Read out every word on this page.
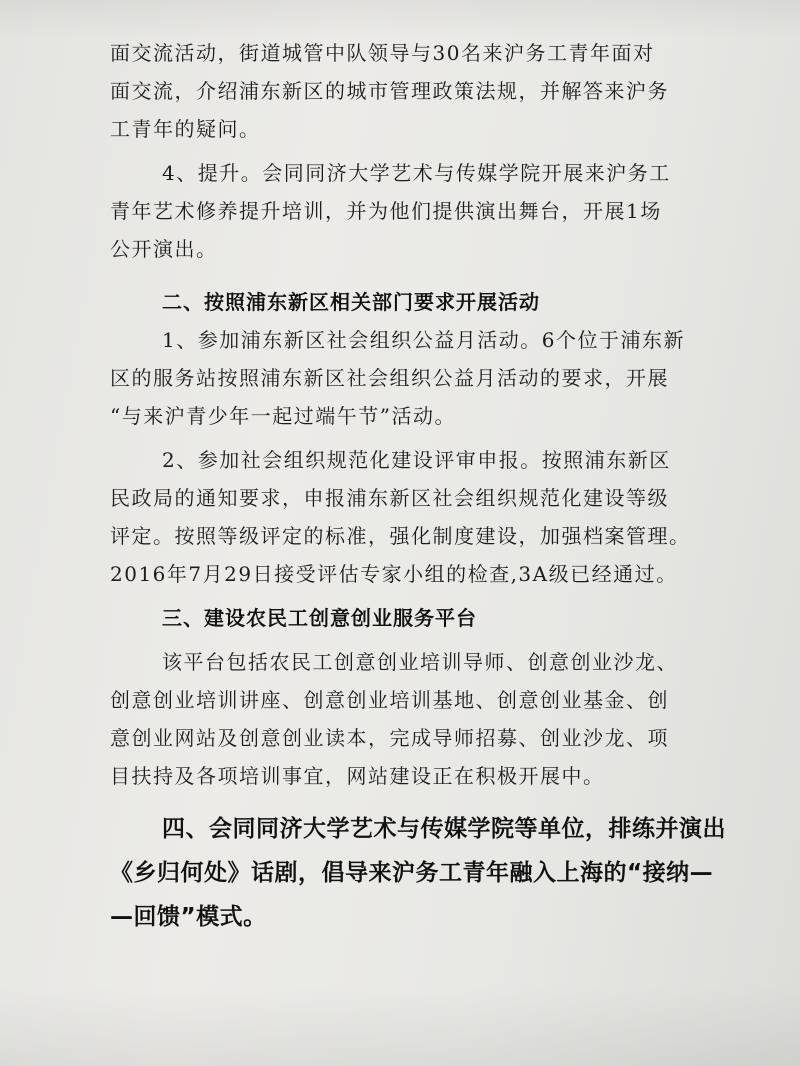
面交流活动，街道城管中队领导与30名来沪务工青年面对
面交流，介绍浦东新区的城市管理政策法规，并解答来沪务
工青年的疑问。
4、提升。会同同济大学艺术与传媒学院开展来沪务工
青年艺术修养提升培训，并为他们提供演出舞台，开展1场
公开演出。
二、按照浦东新区相关部门要求开展活动
1、参加浦东新区社会组织公益月活动。6个位于浦东新
区的服务站按照浦东新区社会组织公益月活动的要求，开展
“与来沪青少年一起过端午节”活动。
2、参加社会组织规范化建设评审申报。按照浦东新区
民政局的通知要求，申报浦东新区社会组织规范化建设等级
评定。按照等级评定的标准，强化制度建设，加强档案管理。
2016年7月29日接受评估专家小组的检查,3A级已经通过。
三、建设农民工创意创业服务平台
该平台包括农民工创意创业培训导师、创意创业沙龙、
创意创业培训讲座、创意创业培训基地、创意创业基金、创
意创业网站及创意创业读本，完成导师招募、创业沙龙、项
目扶持及各项培训事宜，网站建设正在积极开展中。
四、会同同济大学艺术与传媒学院等单位，排练并演出
《乡归何处》话剧，倡导来沪务工青年融入上海的“接纳—
—回馈”模式。
